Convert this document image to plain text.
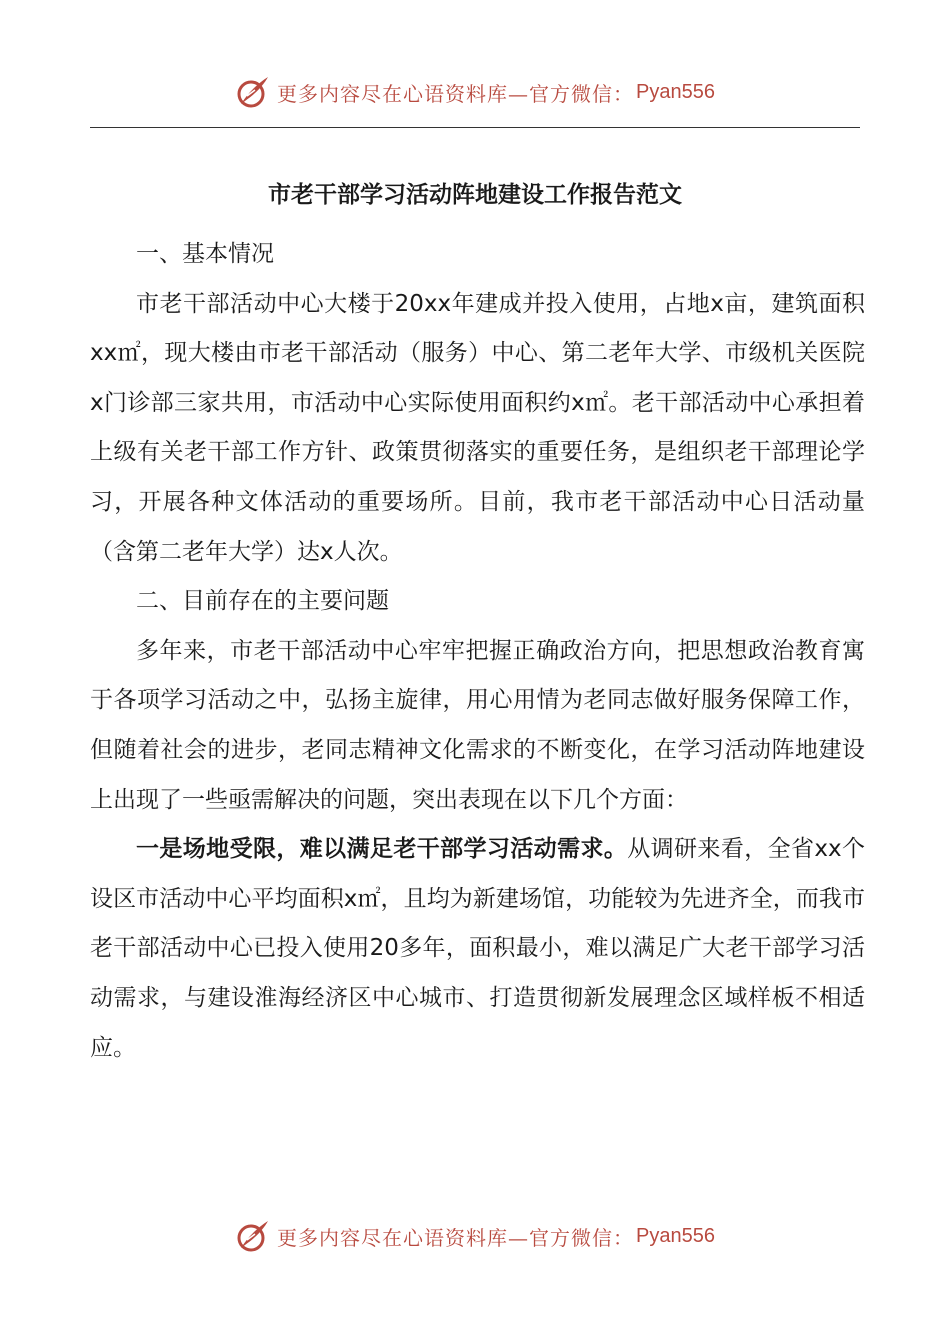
更多内容尽在心语资料库—官方微信： Pyan556
市老干部学习活动阵地建设工作报告范文

一、基本情况

市老干部活动中心大楼于20xx年建成并投入使用，占地x亩，建筑面积xx㎡，现大楼由市老干部活动（服务）中心、第二老年大学、市级机关医院x门诊部三家共用，市活动中心实际使用面积约x㎡。老干部活动中心承担着上级有关老干部工作方针、政策贯彻落实的重要任务，是组织老干部理论学习，开展各种文体活动的重要场所。目前，我市老干部活动中心日活动量（含第二老年大学）达x人次。

二、目前存在的主要问题

多年来，市老干部活动中心牢牢把握正确政治方向，把思想政治教育寓于各项学习活动之中，弘扬主旋律，用心用情为老同志做好服务保障工作，但随着社会的进步，老同志精神文化需求的不断变化，在学习活动阵地建设上出现了一些亟需解决的问题，突出表现在以下几个方面：

一是场地受限，难以满足老干部学习活动需求。从调研来看，全省xx个设区市活动中心平均面积x㎡，且均为新建场馆，功能较为先进齐全，而我市老干部活动中心已投入使用20多年，面积最小，难以满足广大老干部学习活动需求，与建设淮海经济区中心城市、打造贯彻新发展理念区域样板不相适应。

更多内容尽在心语资料库—官方微信： Pyan556
